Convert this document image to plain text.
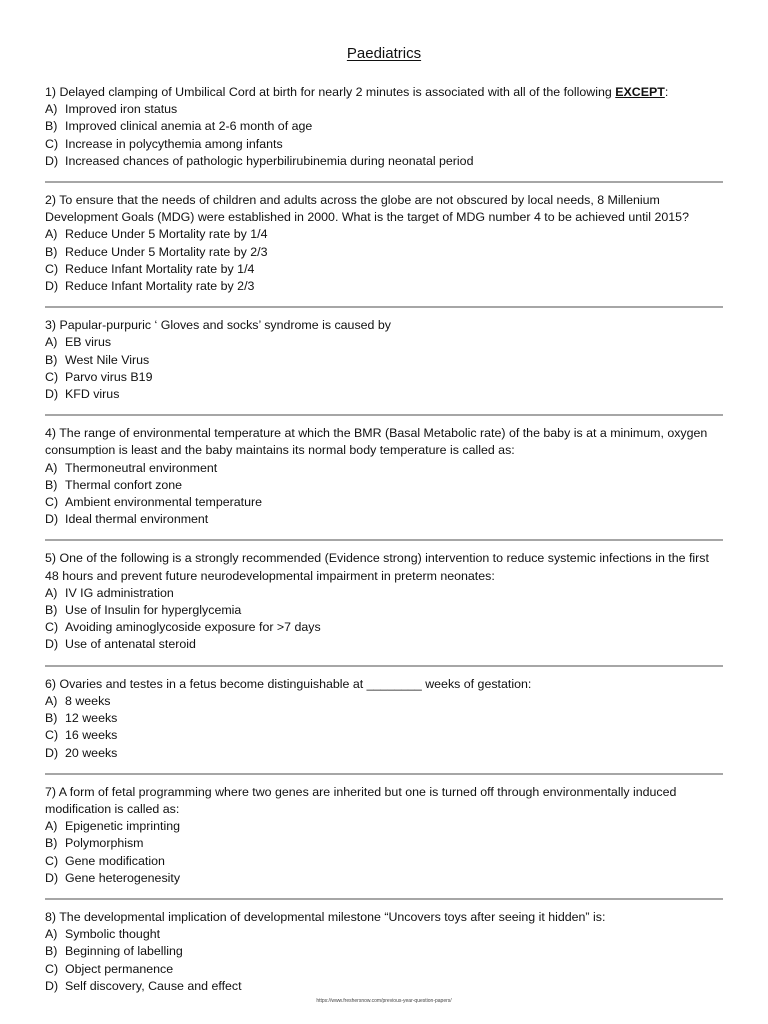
Paediatrics
1) Delayed clamping of Umbilical Cord at birth for nearly 2 minutes is associated with all of the following EXCEPT:
A) Improved iron status
B) Improved clinical anemia at 2-6 month of age
C) Increase in polycythemia among infants
D) Increased chances of pathologic hyperbilirubinemia during neonatal period
2) To ensure that the needs of children and adults across the globe are not obscured by local needs, 8 Millenium
Development Goals (MDG) were established in 2000. What is the target of MDG number 4 to be achieved until 2015?
A) Reduce Under 5 Mortality rate by 1/4
B) Reduce Under 5 Mortality rate by 2/3
C) Reduce Infant Mortality rate by 1/4
D) Reduce Infant Mortality rate by 2/3
3) Papular-purpuric ‘ Gloves and socks’ syndrome is caused by
A) EB virus
B) West Nile Virus
C) Parvo virus B19
D) KFD virus
4) The range of environmental temperature at which the BMR (Basal Metabolic rate) of the baby is at a minimum, oxygen
consumption is least and the baby maintains its normal body temperature is called as:
A) Thermoneutral environment
B) Thermal confort zone
C) Ambient environmental temperature
D) Ideal thermal environment
5) One of the following is a strongly recommended (Evidence strong) intervention to reduce systemic infections in the first
48 hours and prevent future neurodevelopmental impairment in preterm neonates:
A) IV IG administration
B) Use of Insulin for hyperglycemia
C) Avoiding aminoglycoside exposure for >7 days
D) Use of antenatal steroid
6) Ovaries and testes in a fetus become distinguishable at ________ weeks of gestation:
A) 8 weeks
B) 12 weeks
C) 16 weeks
D) 20 weeks
7) A form of fetal programming where two genes are inherited but one is turned off through environmentally induced
modification is called as:
A) Epigenetic imprinting
B) Polymorphism
C) Gene modification
D) Gene heterogenesity
8) The developmental implication of developmental milestone “Uncovers toys after seeing it hidden” is:
A) Symbolic thought
B) Beginning of labelling
C) Object permanence
D) Self discovery, Cause and effect
https://www.freshersnow.com/previous-year-question-papers/
